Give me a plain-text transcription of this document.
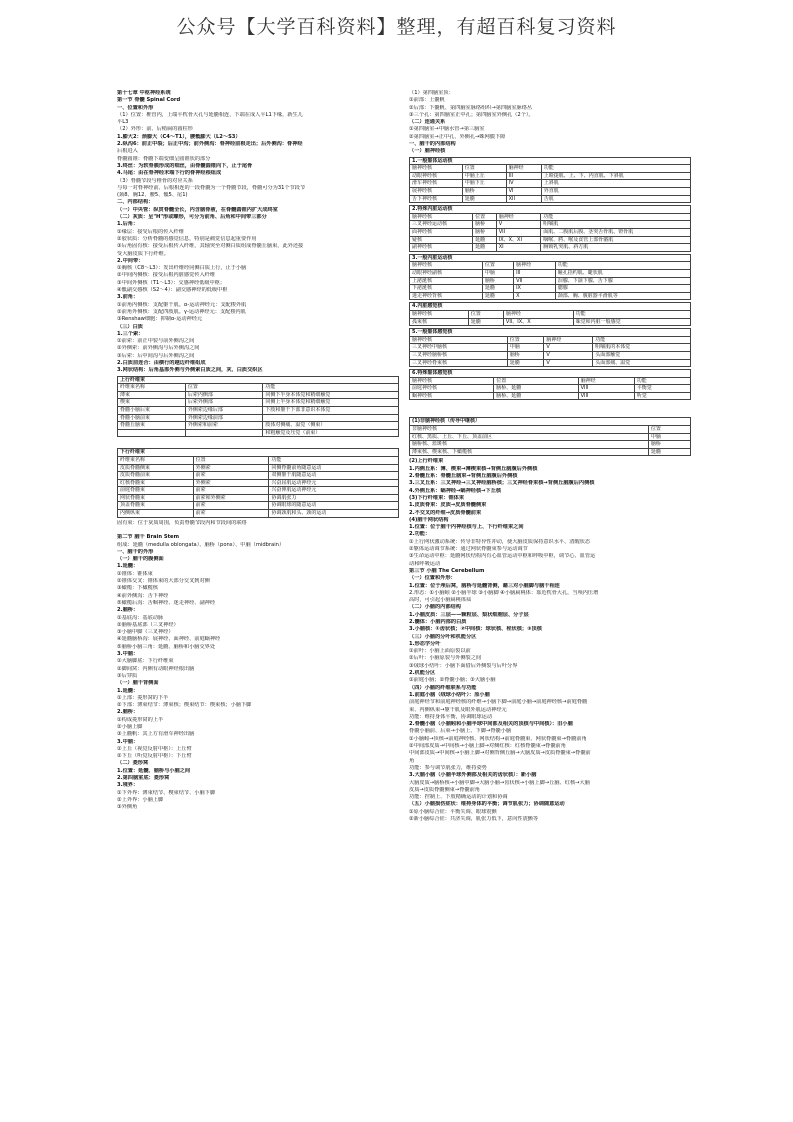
公众号【大学百科资料】整理，有超百科复习资料
第十七章 中枢神经系统
第一节 脊髓 Spinal Cord
一、位置和外形
（1）位置：椎管内，上端平枕骨大孔与延髓相连，下端在成人平L1下缘，新生儿
平L3
（2）外形：前、后稍扁的圆柱形
1.膨大2：颈膨大（C4～T1），腰骶膨大（L2～S3）
2.纵沟6：前正中裂；后正中沟；前外侧沟：脊神经前根走出；后外侧沟：脊神经
后根进入
脊髓圆锥：脊髓下端变细呈圆锥状的部分
3.终丝：为软脊膜形成的细丝，由脊髓圆锥向下，止于尾骨
4.马尾：由在脊神经末端下行的脊神经根组成
（3）脊髓节段与椎骨的对应关系
与每一对脊神经前、后根相连的一段脊髓为一个脊髓节段，脊髓可分为31个节段节
(颈8、胸12、腰5、骶5、尾1)
二、内部结构：
（一）中央管：纵贯脊髓全长，内含脑脊液，在脊髓圆锥内扩大成终室
（二）灰质：呈"H"形或蝶形，可分为前角、后角和中间带三部分
1.后角：
①缘层：接受后根的传入纤维
②胶状质：分析脊髓的感觉信息，特别是痛觉信息起重要作用
③后角固有核：接受后根传入纤维，其轴突至对侧白质组成脊髓丘脑束，此外还接
受大脑皮质下行纤维。
2.中间带：
①胸核（C8～L3）：发出纤维经同侧白质上行，止于小脑
②中间内侧核：接受后根内脏感觉传入纤维
③中间外侧核（T1～L3）：交感神经低级中枢；
④骶副交感核（S2～4）：副交感神经的低级中枢
3.前角：
①前角内侧核：支配躯干肌。α-运动神经元：支配梭外肌
②前角外侧核：支配四肢肌。γ-运动神经元：支配梭内肌
③Renshaw细胞：抑制α-运动神经元
（三）白质
1.三个索：
①前索：前正中裂与前外侧沟之间
②外侧索：前外侧沟与后外侧沟之间
③后索：后中间沟与后外侧沟之间
2.白质前连合：由横行的越边纤维组成
3.网状结构：后角基部外侧与外侧索白质之间，灰、白质交织区
上行纤维束		
纤维束名称	位置	功能
薄束	后索内侧部	同侧下半身本体觉和精细触觉
楔束	后索外侧部	同侧上半身本体觉和精细触觉
脊髓小脑后束	外侧索边缘后部	下肢和躯干下部非意识本体觉
脊髓小脑前束	外侧索边缘前部	
脊髓丘脑束	外侧索和前索	肢体对侧痛、温觉（侧束）
		和粗触觉及压觉（前束）
下行纤维束		
纤维束名称	位置	功能
皮质脊髓侧束	外侧索	同侧脊髓前角随意运动
皮质脊髓前束	前索	双侧躯干肌随意运动
红核脊髓束	外侧索	兴奋屈肌运动神经元
前庭脊髓束	前索	兴奋伸肌运动神经元
网状脊髓束	前索和外侧索	协调肌张力
顶盖脊髓束	前索	协调眼球的随意运动
内侧纵束	前索	协调颈肌和头、颈的运动
固有束：位于灰质周围，负责脊髓节段内和节段间的联络

第二节 脑干 Brain Stem
组成：延髓（medulla oblongata）、脑桥（pons）、中脑（midbrain）
一、脑干的外形
（一）脑干的腹侧面
1.延髓：
①锥体：锥体束
②锥体交叉：锥体束的大部分交叉到对侧
③橄榄：下橄榄核
④前外侧沟：舌下神经
⑤橄榄后沟：舌咽神经、迷走神经、副神经
2.脑桥：
①基底沟：基底动脉
②脑桥基底部（三叉神经）
③小脑中脚（三叉神经）
④延髓脑桥沟：展神经、面神经、前庭蜗神经
⑤脑桥小脑三角：延髓、脑桥和小脑交界处
3.中脑：
①大脑脚底：下行纤维束
②脚间窝：内侧有动眼神经根出脑
③后穿质
（一）脑干背侧面
1.延髓：
①上部：菱形窝的下半
②下部：薄束结节：薄束核；楔束结节：楔束核；小脑下脚
2.脑桥：
①构成菱形窝的上半
②小脑上脚
③上髓帆：其上方有滑车神经出脑
3.中脑：
①上丘（视觉反射中枢）：上丘臂
②下丘（听觉反射中枢）：下丘臂
（二）菱形窝
1.位置：延髓、脑桥与小脑之间
2.第四脑室底：菱形窝
3.境界：
①下外界：薄束结节、楔束结节、小脑下脚
②上外界：小脑上脚
③外侧角
（1）第四脑室顶：
①前部：上髓帆
②后部：下髓帆、第四脑室脉络组织→第四脑室脉络丛
③三个孔：第四脑室正中孔；第四脑室外侧孔（2个）。
（二）连通关系
①第四脑室→中脑水管→第三脑室
②第四脑室→正中孔、外侧孔→蛛网膜下隙
一、脑干的内部结构
（一）脑神经核
1.一般躯体运动核			
脑神经核	位置	脑神经	功能
动眼神经核	中脑上丘	III	上睑提肌、上、下、内直肌、下斜肌
滑车神经核	中脑下丘	IV	上斜肌
展神经核	脑桥	VI	外直肌
舌下神经核	延髓	XII	舌肌
2.特殊内脏运动核			
脑神经核	位置	脑神经	功能
三叉神经运动核	脑桥	V	咀嚼肌
面神经核	脑桥	VII	面肌、二腹肌后腹、茎突舌骨肌、镫骨肌
疑核	延髓	IX、X、XI	咽喉、腭、喉及食管上部骨骼肌
副神经核	延髓	XI	胸锁乳突肌、斜方肌
3.一般内脏运动核			
脑神经核	位置	脑神经	功能
动眼神经副核	中脑	III	瞳孔括约肌、睫状肌
上泌涎核	脑桥	VII	泪腺、下颌下腺、舌下腺
下泌涎核	延髓	IX	腮腺
迷走神经背核	延髓	X	颈部、胸、腹脏器平滑肌等
4.内脏感觉核			
脑神经核	位置	脑神经	功能
孤束核	延髓	VII、IX、X	味觉和内脏一般感觉
5.一般躯体感觉核			
脑神经核	位置	脑神经	功能
三叉神经中脑核	中脑	V	咀嚼肌的本体觉
三叉神经脑桥核	脑桥	V	头面部触觉
三叉神经脊束核	延髓	V	头面部痛、温觉
6.特殊躯体感觉核			
脑神经核	位置	脑神经	功能
前庭神经核	脑桥、延髓	VIII	平衡觉
蜗神经核	脑桥、延髓	VIII	听觉
(1)非脑神经核（传导中继核）	
非脑神经核	位置
红核、黑质、上丘、下丘、顶盖前区	中脑
脑桥核、蓝斑核	脑桥
薄束核、楔束核、下橄榄核	延髓
(2)上行纤维束
1.内侧丘系：薄、楔束→薄楔束核→背侧丘脑腹后外侧核
2.脊髓丘系：脊髓丘脑束→背侧丘脑腹后外侧核
3.三叉丘系：三叉神经→三叉神经脑桥核；三叉神经脊束核→背侧丘脑腹后内侧核
4.外侧丘系：蜗神经→蜗神经核→下丘核
(3)下行纤维束：锥体束
1.皮质脊束：皮质→皮质脊髓侧束
2.不交叉的纤维→皮质脊髓前束
(4)脑干网状结构
1.位置：位于脑干内神经核与上、下行纤维束之间
2.功能：
①上行网状激动系统：传导非特异性冲动，使大脑皮质保持意识水平、清醒状态
②躯体运动调节系统：通过网状脊髓束参与运动调节
③生命运动中枢：延髓网状结构内有心血管运动中枢和呼吸中枢，调节心、血管运
动和呼吸运动
第三节 小脑 The Cerebellum
（一）位置和外形：
1.位置：位于颅后窝，脑桥与延髓背侧，藉三对小脑脚与脑干相连
2.形态：①小脑蚓 ②小脑半球 ③小脑脚 ④小脑扁桃体：靠近枕骨大孔，当颅内压增
高时，可引起小脑扁桃体疝
（二）小脑的内部结构
1.小脑皮质：三层——颗粒层、梨状细胞层、分子层
2.髓体：小脑内部的白质
3.小脑核：①齿状核；②中间核：球状核、栓状核；③顶核
（三）小脑的分叶和机能分区
1.形态学分叶
①前叶：小脑上面原裂以前
②后叶：小脑原裂与外侧裂之间
③绒球小结叶：小脑下面借后外侧裂与后叶分界
2.机能分区
①前庭小脑；②脊髓小脑；③大脑小脑
（四）小脑的纤维联系与功能
1.前庭小脑（绒球小结叶）：原小脑
前庭神经节和前庭神经核的纤维→小脑下脚→前庭小脑→前庭神经核→前庭脊髓
束、内侧纵束→躯干肌及眼外肌运动神经元
功能：维持身体平衡，协调眼球运动
2.脊髓小脑（小脑蚓和小脑半球中间部及相关的顶核与中间核）：旧小脑
脊髓小脑前、后束→小脑上、下脚→脊髓小脑
①小脑蚓→顶核→前庭神经核、网状结构→前庭脊髓束、网状脊髓束→脊髓前角
②中间部皮质→中间核→小脑上脚→对侧红核：红核脊髓束→脊髓前角
中间部皮质→中间核→小脑上脚→对侧背侧丘脑→大脑皮质→皮质脊髓束→脊髓前
角
功能：参与调节肌张力，维持姿势
3.大脑小脑（小脑半球外侧部及相关的齿状核）：新小脑
大脑皮质→脑桥核→小脑中脚→大脑小脑→齿状核→小脑上脚→丘脑、红核→大脑
皮质→皮质脊髓侧束→脊髓前角
功能：控制上、下肢精确运动的计划和协调
（五）小脑损伤症状：维持身体的平衡；调节肌张力；协调随意运动
①原小脑综合征：平衡失调、眼球震颤
②新小脑综合征：共济失调，肌张力低下，意向性震颤等
